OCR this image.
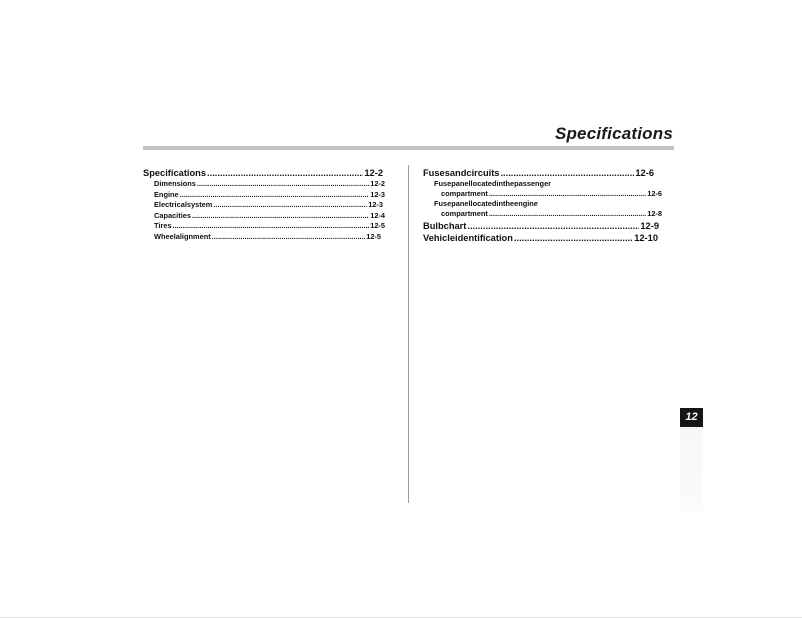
Specifications
Specifications .....	12-2
Dimensions .....	12-2
Engine .....	12-3
Electricalsystem .....	12-3
Capacities .....	12-4
Tires .....	12-5
Wheelalignment .....	12-5
Fusesandcircuits .....	12-6
Fusepanellocatedinthepassenger
compartment .....	12-6
Fusepanellocatedintheengine
compartment .....	12-8
Bulbchart .....	12-9
Vehicleidentification .....	12-10
12
